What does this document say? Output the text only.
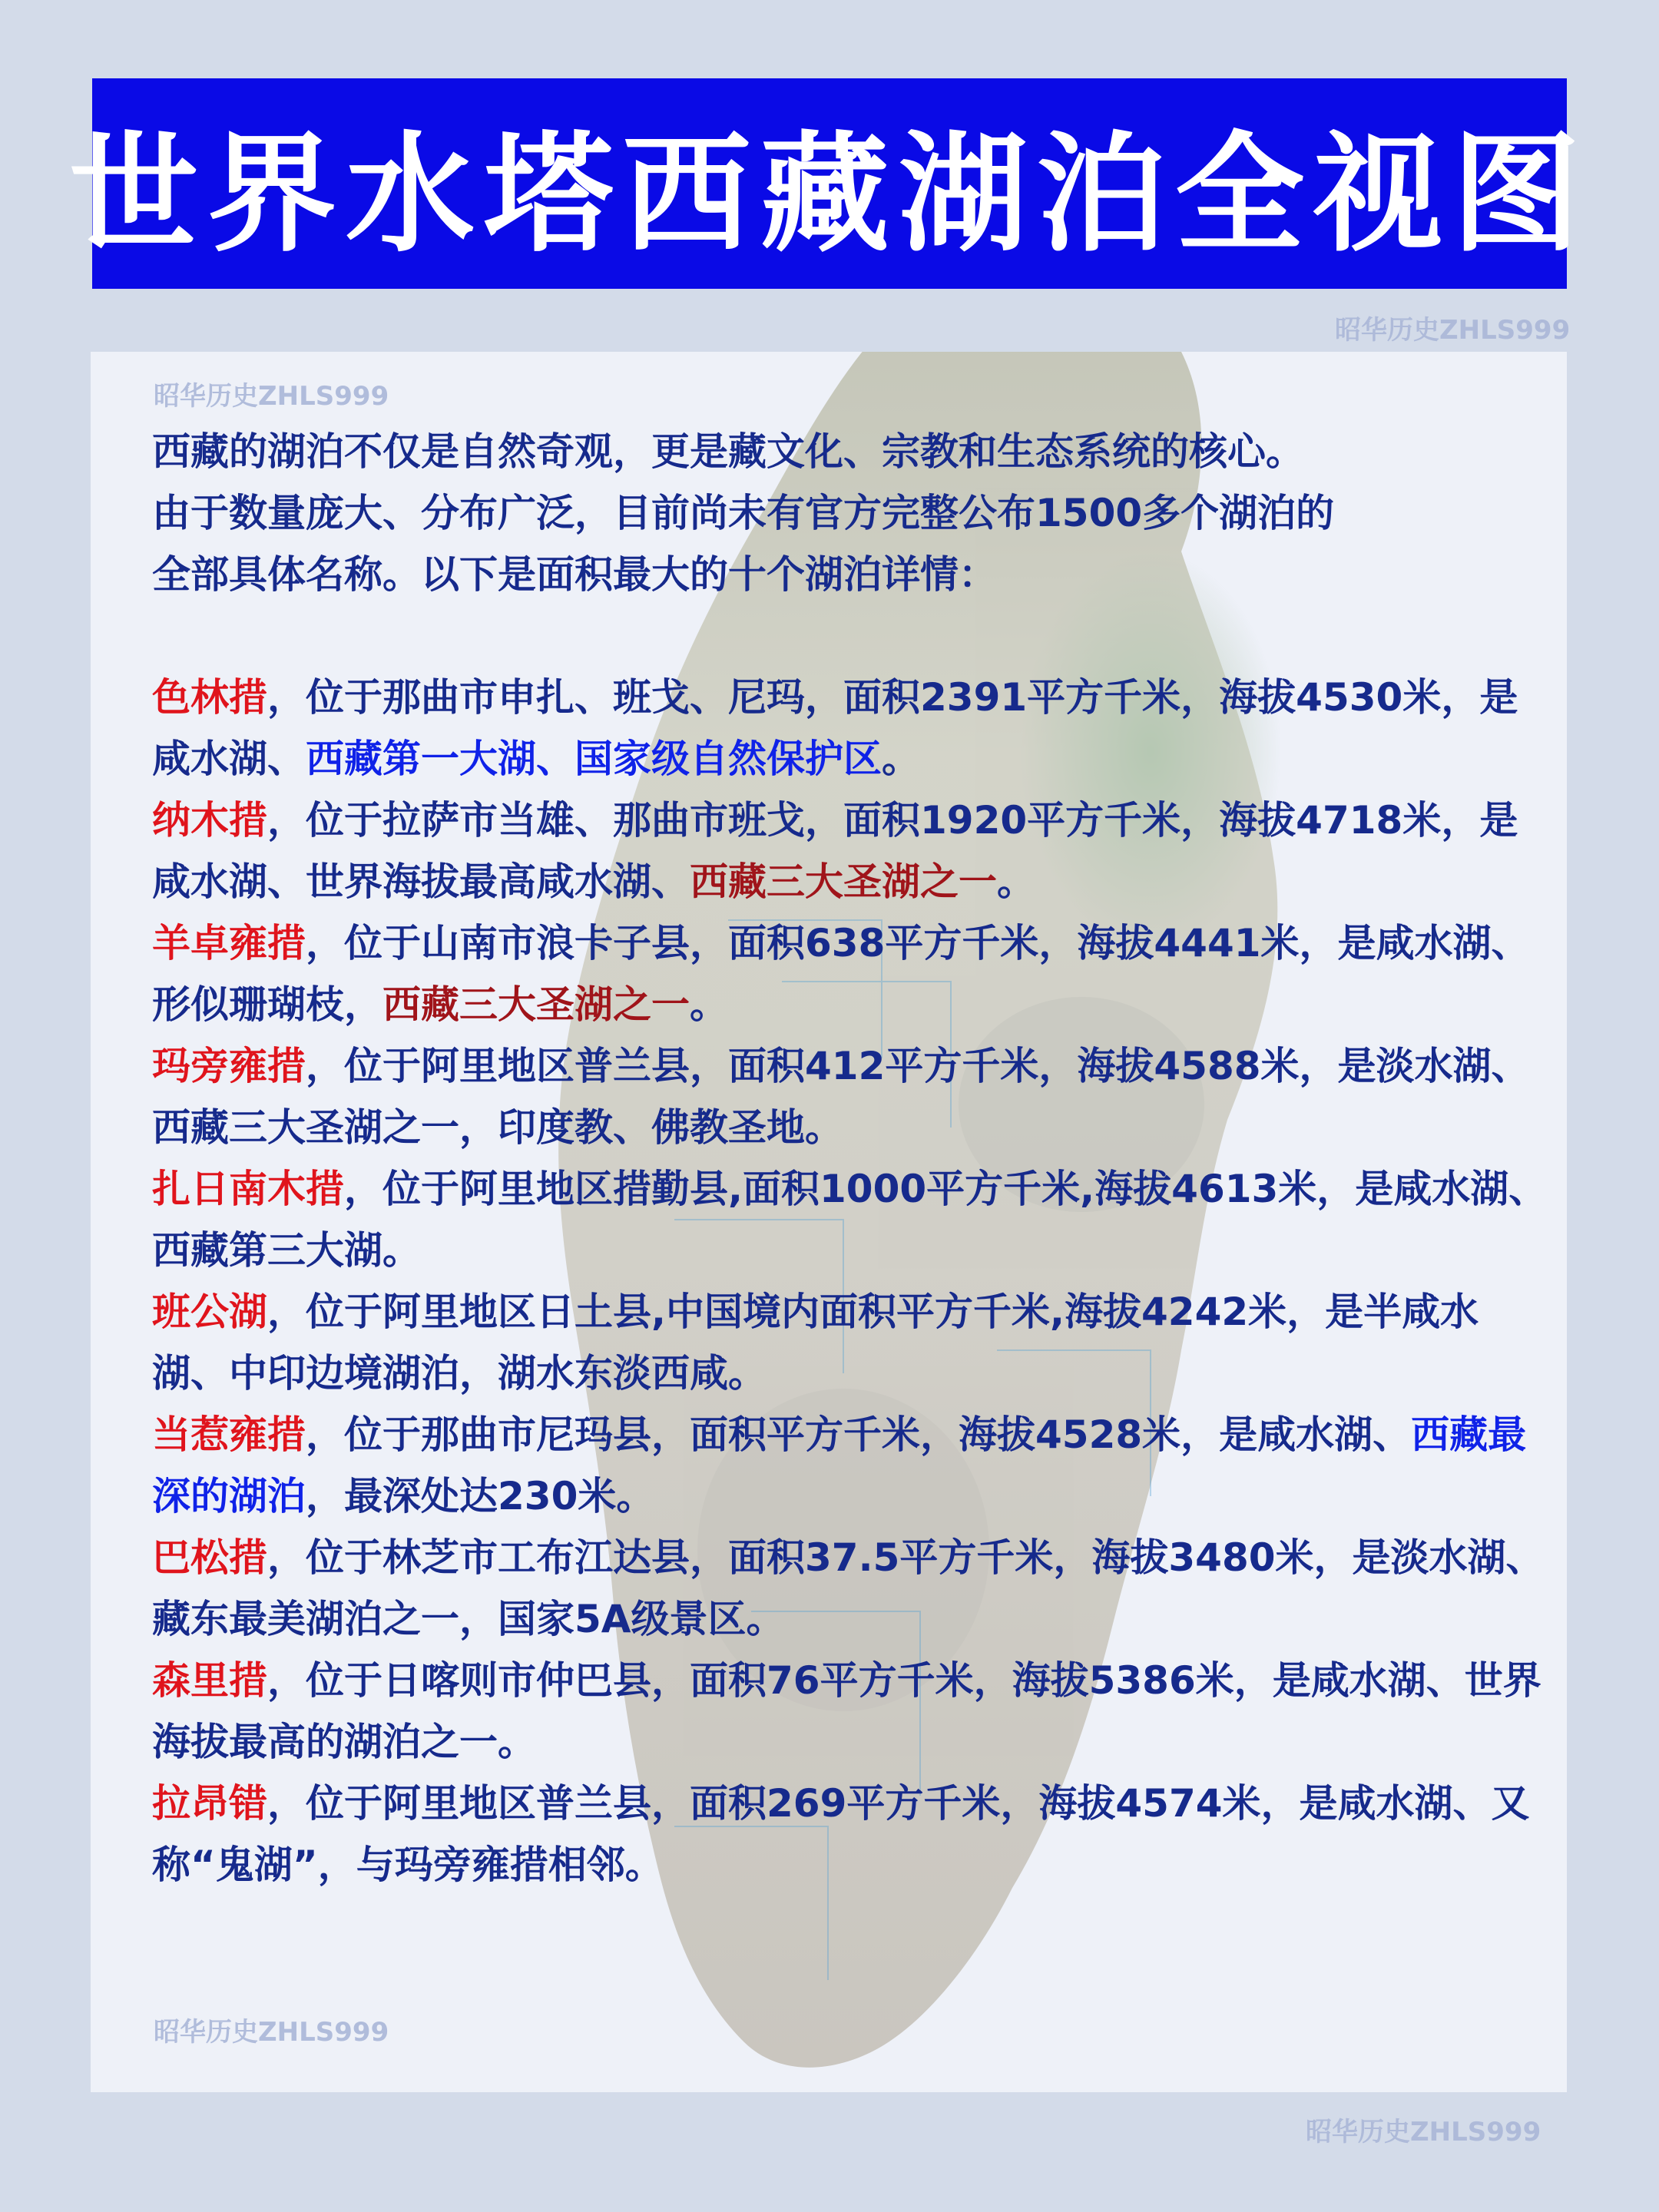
世界水塔西藏湖泊全视图
昭华历史ZHLS999
昭华历史ZHLS999
西藏的湖泊不仅是自然奇观，更是藏文化、宗教和生态系统的核心。
由于数量庞大、分布广泛，目前尚未有官方完整公布1500多个湖泊的
全部具体名称。以下是面积最大的十个湖泊详情：

色林措，位于那曲市申扎、班戈、尼玛，面积2391平方千米，海拔4530米，是咸水湖、西藏第一大湖、国家级自然保护区。

纳木措，位于拉萨市当雄、那曲市班戈，面积1920平方千米，海拔4718米，是咸水湖、世界海拔最高咸水湖、西藏三大圣湖之一。

羊卓雍措，位于山南市浪卡子县，面积638平方千米，海拔4441米，是咸水湖、形似珊瑚枝，西藏三大圣湖之一。

玛旁雍措，位于阿里地区普兰县，面积412平方千米，海拔4588米，是淡水湖、西藏三大圣湖之一，印度教、佛教圣地。

扎日南木措，位于阿里地区措勤县,面积1000平方千米,海拔4613米，是咸水湖、西藏第三大湖。

班公湖，位于阿里地区日土县,中国境内面积平方千米,海拔4242米，是半咸水湖、中印边境湖泊，湖水东淡西咸。

当惹雍措，位于那曲市尼玛县，面积平方千米，海拔4528米，是咸水湖、西藏最深的湖泊，最深处达230米。

巴松措，位于林芝市工布江达县，面积37.5平方千米，海拔3480米，是淡水湖、藏东最美湖泊之一，国家5A级景区。

森里措，位于日喀则市仲巴县，面积76平方千米，海拔5386米，是咸水湖、世界海拔最高的湖泊之一。

拉昂错，位于阿里地区普兰县，面积269平方千米，海拔4574米，是咸水湖、又称“鬼湖”，与玛旁雍措相邻。

昭华历史ZHLS999
昭华历史ZHLS999
